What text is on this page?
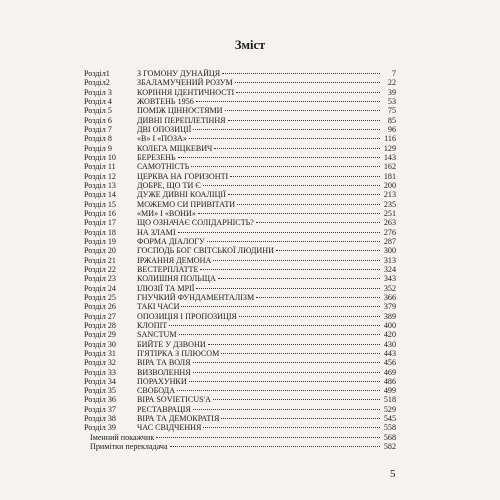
Зміст
Розділ1	З ГОМОНУ ДУНАЙЦЯ	7
Розділ2	ЗБАЛАМУЧЕНИЙ РОЗУМ	22
Розділ 3	КОРІННЯ ІДЕНТИЧНОСТІ	39
Розділ 4	ЖОВТЕНЬ 1956	53
Розділ 5	ПОМІЖ ЦІННОСТЯМИ	75
Розділ 6	ДИВНІ ПЕРЕПЛЕТІННЯ	85
Розділ 7	ДВІ ОПОЗИЦІЇ	96
Розділ 8	«В» І «ПОЗА»	116
Розділ 9	КОЛЕГА МІЦКЕВИЧ	129
Розділ 10	БЕРЕЗЕНЬ	143
Розділ 11	САМОТНІСТЬ	162
Розділ 12	ЦЕРКВА НА ГОРИЗОНТІ	181
Розділ 13	ДОБРЕ, ЩО ТИ Є	200
Розділ 14	ДУЖЕ ДИВНІ КОАЛІЦІЇ	213
Розділ 15	МОЖЕМО СИ ПРИВІТАТИ	235
Розділ 16	«МИ» І «ВОНИ»	251
Розділ 17	ЩО ОЗНАЧАЄ СОЛІДАРНІСТЬ?	263
Розділ 18	НА ЗЛАМІ	276
Розділ 19	ФОРМА ДІАЛОГУ	287
Розділ 20	ГОСПОДЬ БОГ СВІТСЬКОЇ ЛЮДИНИ	300
Розділ 21	ІРЖАННЯ ДЕМОНА	313
Розділ 22	ВЕСТЕРПЛАТТЕ	324
Розділ 23	КОЛИШНЯ ПОЛЬЩА	343
Розділ 24	ІЛЮЗІЇ ТА МРІЇ	352
Розділ 25	ГНУЧКИЙ ФУНДАМЕНТАЛІЗМ	366
Розділ 26	ТАКІ ЧАСИ	379
Розділ 27	ОПОЗИЦІЯ І ПРОПОЗИЦІЯ	389
Розділ 28	КЛОПІТ	400
Розділ 29	SANCTUM	420
Розділ 30	БИЙТЕ У ДЗВОНИ	430
Розділ 31	П'ЯТІРКА З ПЛЮСОМ	443
Розділ 32	ВІРА ТА ВОЛЯ	456
Розділ 33	ВИЗВОЛЕННЯ	469
Розділ 34	ПОРАХУНКИ	486
Розділ 35	СВОБОДА	499
Розділ 36	ВІРА SOVIETICUS'A	518
Розділ 37	РЕСТАВРАЦІЯ	529
Розділ 38	ВІРА ТА ДЕМОКРАТІЯ	545
Розділ 39	ЧАС СВІДЧЕННЯ	558
Іменний покажчик	568
Примітки перекладача	582
5
